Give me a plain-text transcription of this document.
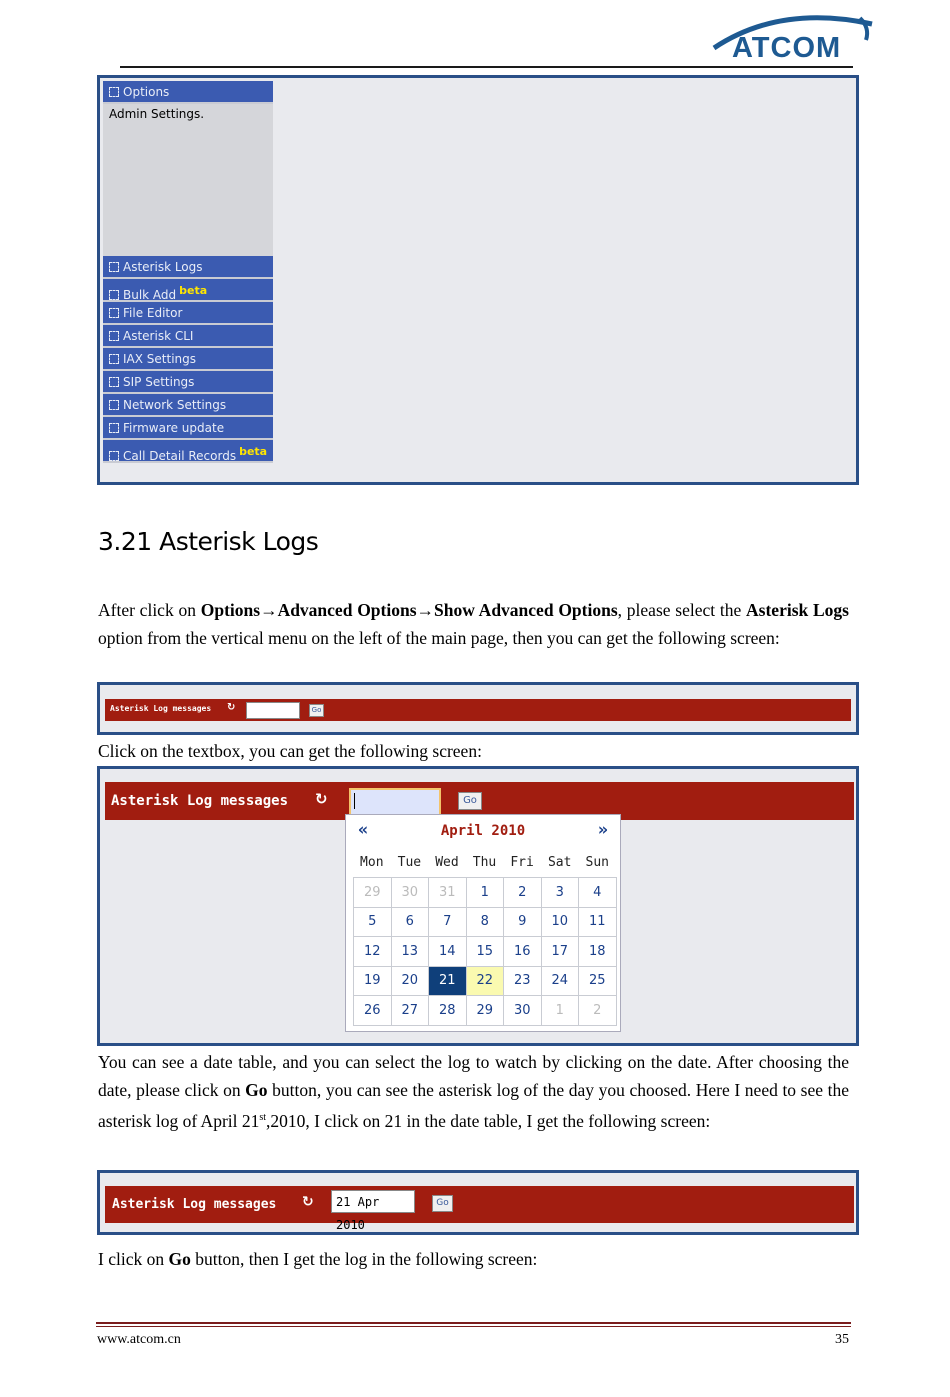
ATCOM
Options
Admin Settings.
Asterisk Logs
Bulk Add beta
File Editor
Asterisk CLI
IAX Settings
SIP Settings
Network Settings
Firmware update
Call Detail Records beta
3.21 Asterisk Logs

After click on Options→Advanced Options→Show Advanced Options, please select the Asterisk Logs option from the vertical menu on the left of the main page, then you can get the following screen:

Asterisk Log messages ↻	Go

Click on the textbox, you can get the following screen:

Asterisk Log messages ↻	Go
«	April 2010	»
Mon	Tue	Wed	Thu	Fri	Sat	Sun
29	30	31	1	2	3	4
5	6	7	8	9	10	11
12	13	14	15	16	17	18
19	20	21	22	23	24	25
26	27	28	29	30	1	2

You can see a date table, and you can select the log to watch by clicking on the date. After choosing the date, please click on Go button, you can see the asterisk log of the day you choosed. Here I need to see the asterisk log of April 21st,2010, I click on 21 in the date table, I get the following screen:

Asterisk Log messages ↻	21 Apr 2010
Go

I click on Go button, then I get the log in the following screen:

www.atcom.cn	35
